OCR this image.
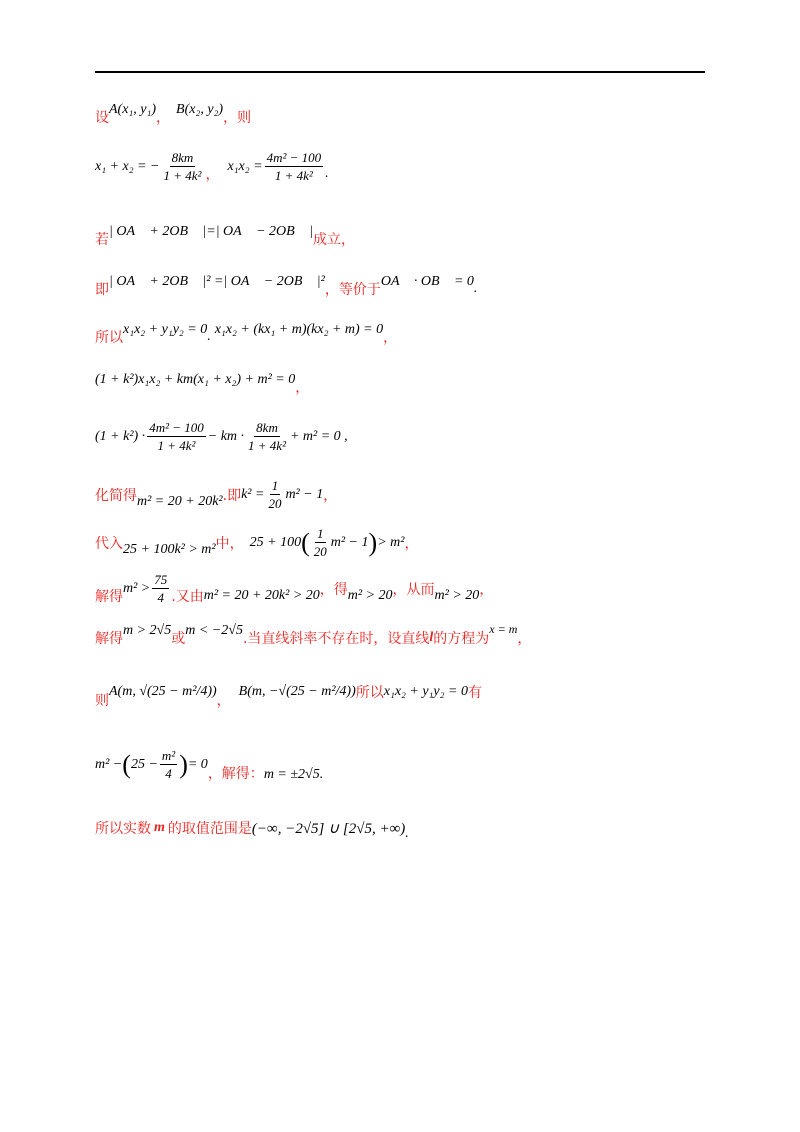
设
A(x₁, y₁)
，
B(x₂, y₂)
，则
x₁ + x₂ = − $\frac{8km}{\text{1 + 4k²}}$ ，
$x_1x_2 = \frac{\text{4m² − 100}}{\text{1 + 4k²}}$ .
若
| OA⃗ + 2OB⃗ |=| OA⃗ − 2OB⃗ |
成立，
即
| OA⃗ + 2OB⃗ |² =| OA⃗ − 2OB⃗ |²
，等价于
OA⃗ · OB⃗ = 0 .
所以
x₁x₂ + y₁y₂ = 0 . x₁x₂ + (kx₁ + m)(kx₂ + m) = 0
，
(1 + k²)x₁x₂ + km(x₁ + x₂) + m² = 0
，
$(1 + k^2) \cdot \frac{\text{4m² − 100}}{\text{1 + 4k²}}$ − km · $\frac{8km}{\text{1 + 4k²}} + m^2 = 0$ ,
化简得 m² = 20 + 20k² .即 $k^2 = \frac{1}{20} m^2 - 1$ ，
代入 25 + 100k² > m² 中， 25 + 100 ( $\frac{1}{20} m^2 - 1$ ) > m² ，
解得
$m^2 > \frac{75}{4}$ .又由 m² = 20 + 20k² > 20 ，得 m² > 20 ，从而 m² > 20 ，
解得
m > 2√5
或
m < −2√5
.当直线斜率不存在时，设直线 l 的方程为
x = m
，
则
A(m, √(25 − m²/4))
，
B(m, −√(25 − m²/4)) 所以 x₁x₂ + y₁y₂ = 0 有
m² − ( $25 - \frac{\text{m²}}{4}$ ) = 0
，解得： m = ±2√5 .
所以实数 m 的取值范围是 (−∞, −2√5] ∪ [2√5, +∞) .
